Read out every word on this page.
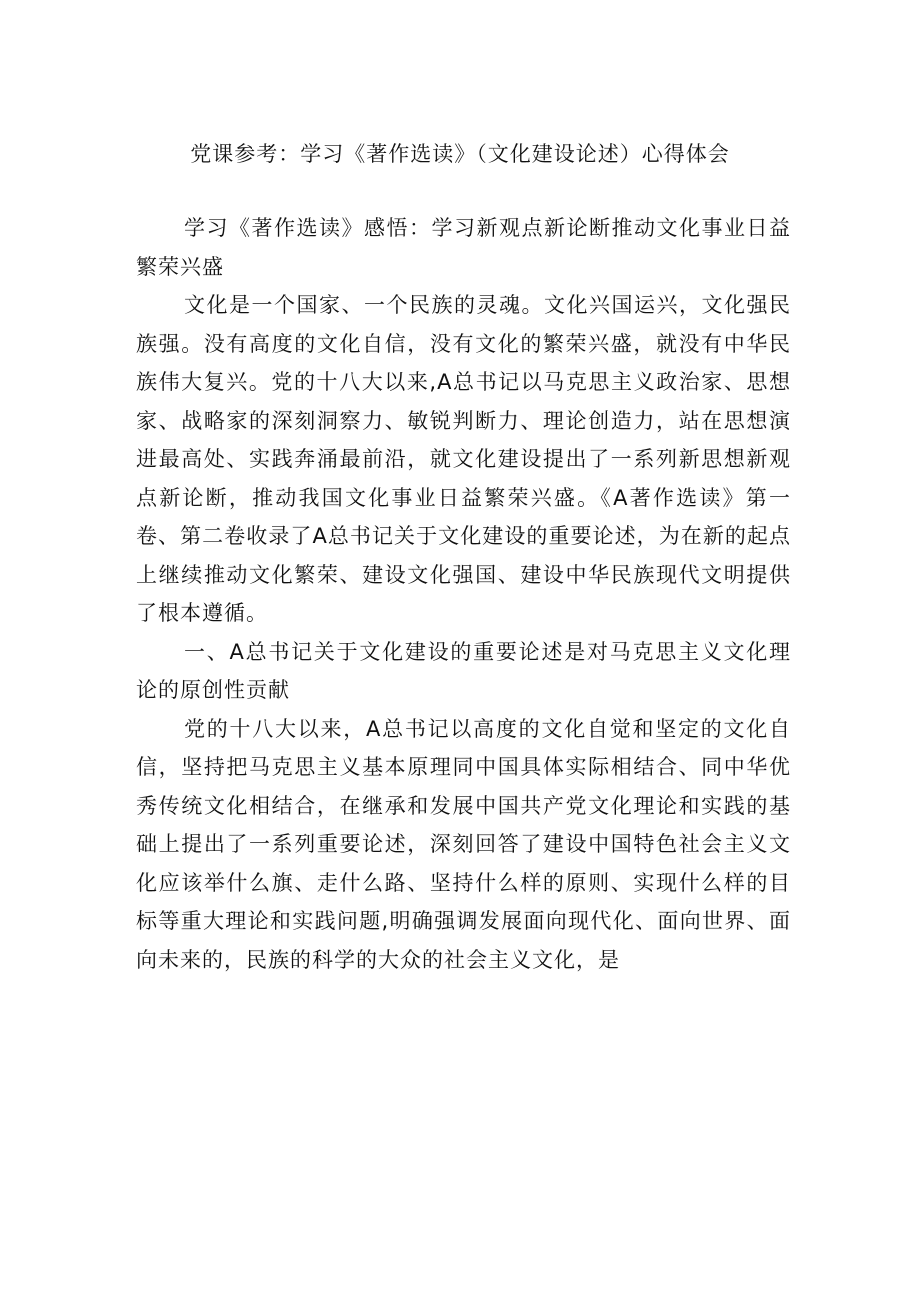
党课参考：学习《著作选读》（文化建设论述）心得体会

学习《著作选读》感悟：学习新观点新论断推动文化事业日益繁荣兴盛

文化是一个国家、一个民族的灵魂。文化兴国运兴，文化强民族强。没有高度的文化自信，没有文化的繁荣兴盛，就没有中华民族伟大复兴。党的十八大以来,A总书记以马克思主义政治家、思想家、战略家的深刻洞察力、敏锐判断力、理论创造力，站在思想演进最高处、实践奔涌最前沿，就文化建设提出了一系列新思想新观点新论断，推动我国文化事业日益繁荣兴盛。《A著作选读》第一卷、第二卷收录了A总书记关于文化建设的重要论述，为在新的起点上继续推动文化繁荣、建设文化强国、建设中华民族现代文明提供了根本遵循。

一、A总书记关于文化建设的重要论述是对马克思主义文化理论的原创性贡献

党的十八大以来，A总书记以高度的文化自觉和坚定的文化自信，坚持把马克思主义基本原理同中国具体实际相结合、同中华优秀传统文化相结合，在继承和发展中国共产党文化理论和实践的基础上提出了一系列重要论述，深刻回答了建设中国特色社会主义文化应该举什么旗、走什么路、坚持什么样的原则、实现什么样的目标等重大理论和实践问题,明确强调发展面向现代化、面向世界、面向未来的，民族的科学的大众的社会主义文化，是
